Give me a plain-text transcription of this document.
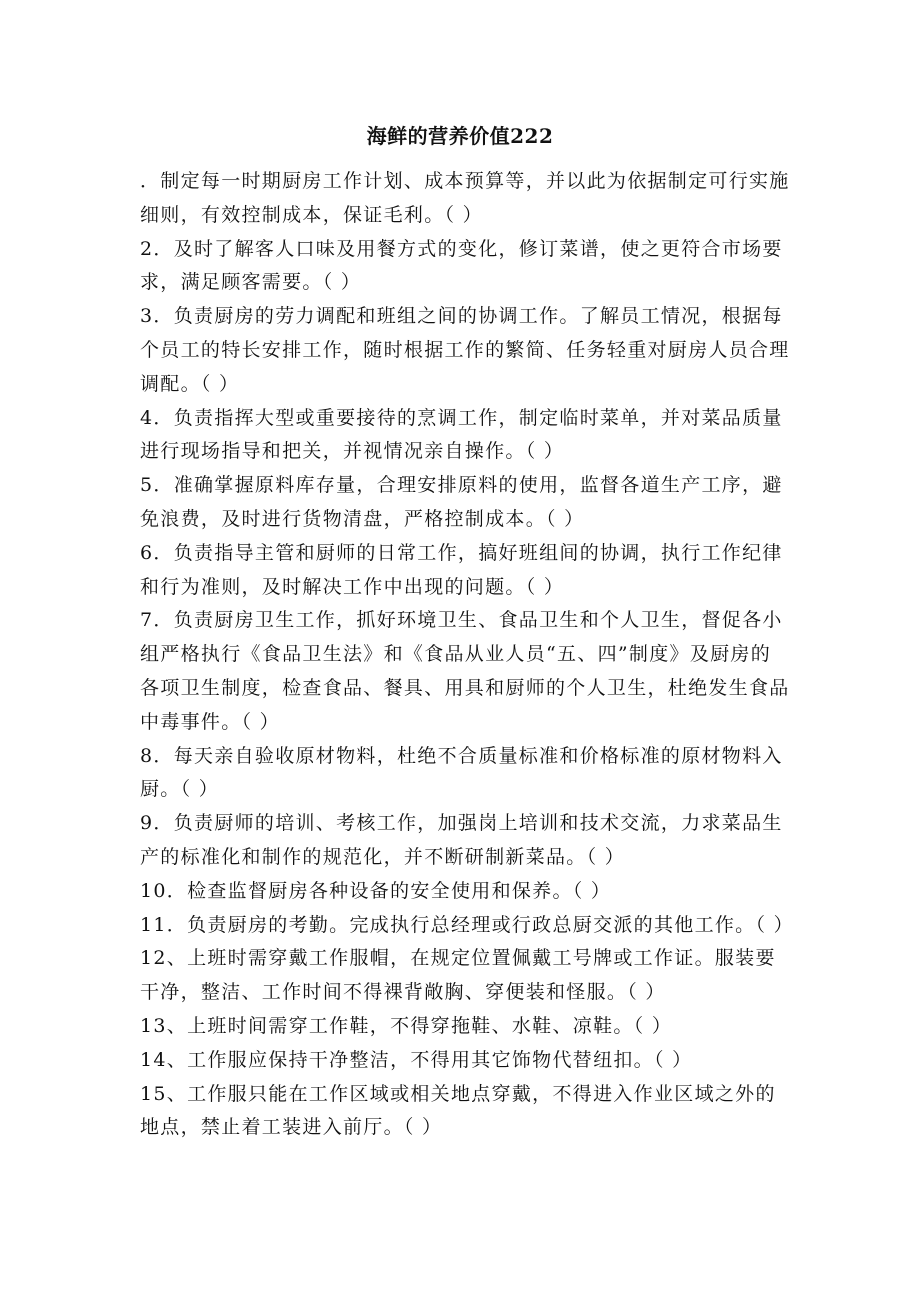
海鲜的营养价值222

．制定每一时期厨房工作计划、成本预算等，并以此为依据制定可行实施细则，有效控制成本，保证毛利。（ ）

2．及时了解客人口味及用餐方式的变化，修订菜谱，使之更符合市场要求，满足顾客需要。（ ）

3．负责厨房的劳力调配和班组之间的协调工作。了解员工情况，根据每个员工的特长安排工作，随时根据工作的繁简、任务轻重对厨房人员合理调配。（ ）

4．负责指挥大型或重要接待的烹调工作，制定临时菜单，并对菜品质量进行现场指导和把关，并视情况亲自操作。（ ）

5．准确掌握原料库存量，合理安排原料的使用，监督各道生产工序，避免浪费，及时进行货物清盘，严格控制成本。（ ）

6．负责指导主管和厨师的日常工作，搞好班组间的协调，执行工作纪律和行为准则，及时解决工作中出现的问题。（ ）

7．负责厨房卫生工作，抓好环境卫生、食品卫生和个人卫生，督促各小组严格执行《食品卫生法》和《食品从业人员“五、四”制度》及厨房的各项卫生制度，检查食品、餐具、用具和厨师的个人卫生，杜绝发生食品中毒事件。（ ）

8．每天亲自验收原材物料，杜绝不合质量标准和价格标准的原材物料入厨。（ ）

9．负责厨师的培训、考核工作，加强岗上培训和技术交流，力求菜品生产的标准化和制作的规范化，并不断研制新菜品。（ ）

10．检查监督厨房各种设备的安全使用和保养。（ ）

11．负责厨房的考勤。完成执行总经理或行政总厨交派的其他工作。（ ）

12、上班时需穿戴工作服帽，在规定位置佩戴工号牌或工作证。服装要干净，整洁、工作时间不得裸背敞胸、穿便装和怪服。（ ）

13、上班时间需穿工作鞋，不得穿拖鞋、水鞋、凉鞋。（ ）

14、工作服应保持干净整洁，不得用其它饰物代替纽扣。（ ）

15、工作服只能在工作区域或相关地点穿戴，不得进入作业区域之外的地点，禁止着工装进入前厅。（ ）
